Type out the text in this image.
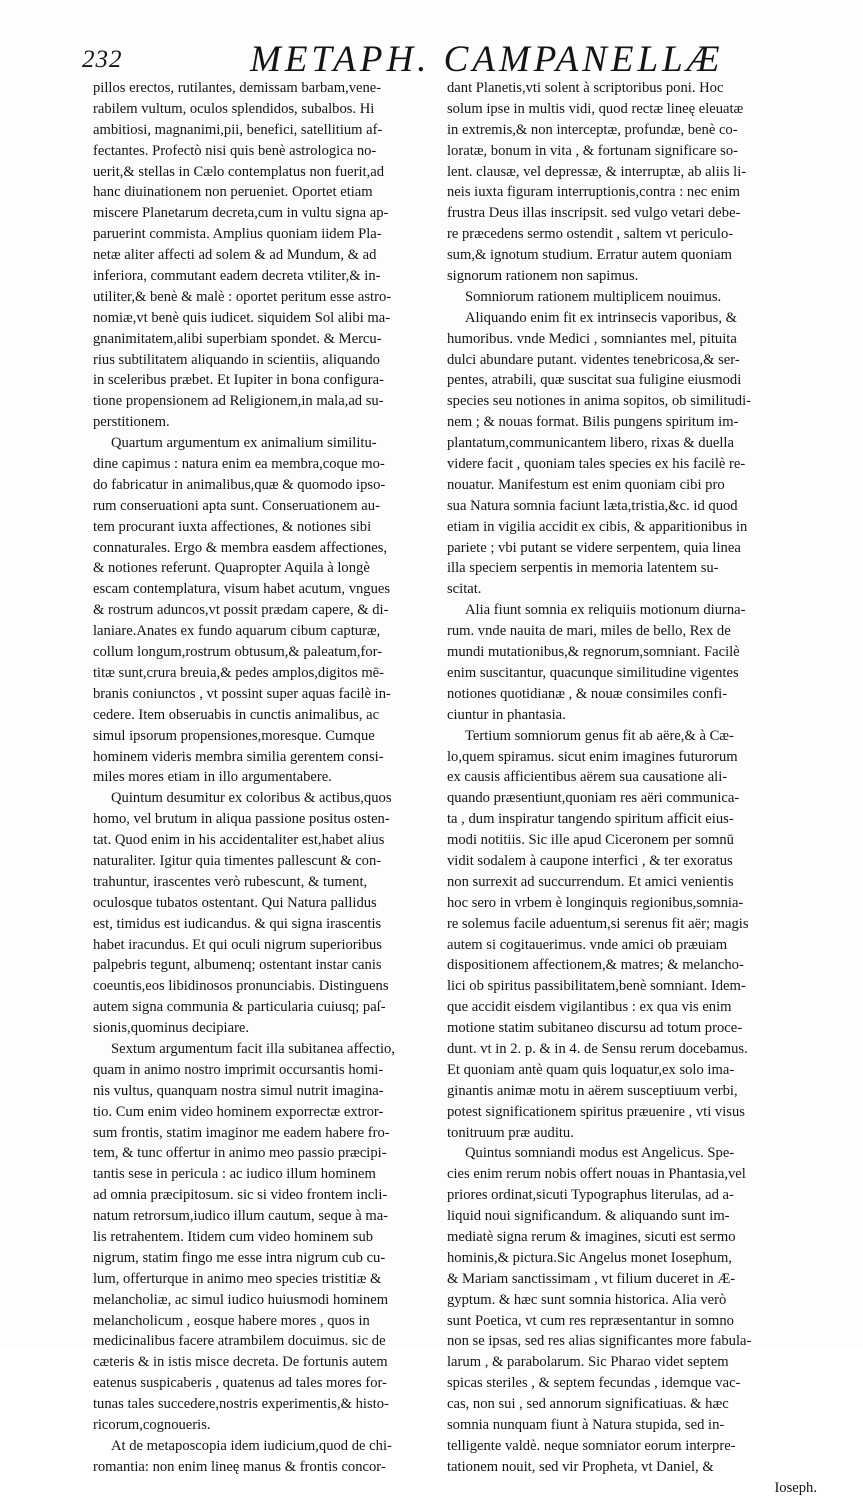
232	METAPH. CAMPANELLÆ
pillos erectos, rutilantes, demissam barbam,vene-
rabilem vultum, oculos splendidos, subalbos. Hi
ambitiosi, magnanimi,pii, benefici, satellitium af-
fectantes. Profectò nisi quis benè astrologica no-
uerit,& stellas in Cælo contemplatus non fuerit,ad
hanc diuinationem non perueniet. Oportet etiam
miscere Planetarum decreta,cum in vultu signa ap-
paruerint commista. Amplius quoniam iidem Pla-
netæ aliter affecti ad solem & ad Mundum, & ad
inferiora, commutant eadem decreta vtiliter,& in-
utiliter,& benè & malè : oportet peritum esse astro-
nomiæ,vt benè quis iudicet. siquidem Sol alibi ma-
gnanimitatem,alibi superbiam spondet. & Mercu-
rius subtilitatem aliquando in scientiis, aliquando
in sceleribus præbet. Et Iupiter in bona configura-
tione propensionem ad Religionem,in mala,ad su-
perstitionem.
Quartum argumentum ex animalium similitu-
dine capimus : natura enim ea membra,coque mo-
do fabricatur in animalibus,quæ & quomodo ipso-
rum conseruationi apta sunt. Conseruationem au-
tem procurant iuxta affectiones, & notiones sibi
connaturales. Ergo & membra easdem affectiones,
& notiones referunt. Quapropter Aquila à longè
escam contemplatura, visum habet acutum, vngues
& rostrum aduncos,vt possit prædam capere, & di-
laniare.Anates ex fundo aquarum cibum capturæ,
collum longum,rostrum obtusum,& paleatum,for-
titæ sunt,crura breuia,& pedes amplos,digitos mē-
branis coniunctos , vt possint super aquas facilè in-
cedere. Item obseruabis in cunctis animalibus, ac
simul ipsorum propensiones,moresque. Cumque
hominem videris membra similia gerentem consi-
miles mores etiam in illo argumentabere.
Quintum desumitur ex coloribus & actibus,quos
homo, vel brutum in aliqua passione positus osten-
tat. Quod enim in his accidentaliter est,habet alius
naturaliter. Igitur quia timentes pallescunt & con-
trahuntur, irascentes verò rubescunt, & tument,
oculosque tubatos ostentant. Qui Natura pallidus
est, timidus est iudicandus. & qui signa irascentis
habet iracundus. Et qui oculi nigrum superioribus
palpebris tegunt, albumenq; ostentant instar canis
coeuntis,eos libidinosos pronunciabis. Distinguens
autem signa communia & particularia cuiusq; paſ-
sionis,quominus decipiare.
Sextum argumentum facit illa subitanea affectio,
quam in animo nostro imprimit occursantis homi-
nis vultus, quanquam nostra simul nutrit imagina-
tio. Cum enim video hominem exporrectæ extror-
sum frontis, statim imaginor me eadem habere fro-
tem, & tunc offertur in animo meo passio præcipi-
tantis sese in pericula : ac iudico illum hominem
ad omnia præcipitosum. sic si video frontem incli-
natum retrorsum,iudico illum cautum, seque à ma-
lis retrahentem. Itidem cum video hominem sub
nigrum, statim fingo me esse intra nigrum cub cu-
lum, offerturque in animo meo species tristitiæ &
melancholiæ, ac simul iudico huiusmodi hominem
melancholicum , eosque habere mores , quos in
medicinalibus facere atrambilem docuimus. sic de
cæteris & in istis misce decreta. De fortunis autem
eatenus suspicaberis , quatenus ad tales mores for-
tunas tales succedere,nostris experimentis,& histo-
ricorum,cognoueris.
At de metaposcopia idem iudicium,quod de chi-
romantia: non enim lineę manus & frontis concor-
dant Planetis,vti solent à scriptoribus poni. Hoc
solum ipse in multis vidi, quod rectæ lineę eleuatæ
in extremis,& non interceptæ, profundæ, benè co-
loratæ, bonum in vita , & fortunam significare so-
lent. clausæ, vel depressæ, & interruptæ, ab aliis li-
neis iuxta figuram interruptionis,contra : nec enim
frustra Deus illas inscripsit. sed vulgo vetari debe-
re præcedens sermo ostendit , saltem vt periculo-
sum,& ignotum studium. Erratur autem quoniam
signorum rationem non sapimus.
Somniorum rationem multiplicem nouimus.
Aliquando enim fit ex intrinsecis vaporibus, &
humoribus. vnde Medici , somniantes mel, pituita
dulci abundare putant. videntes tenebricosa,& ser-
pentes, atrabili, quæ suscitat sua fuligine eiusmodi
species seu notiones in anima sopitos, ob similitudi-
nem ; & nouas format. Bilis pungens spiritum im-
plantatum,communicantem libero, rixas & duella
videre facit , quoniam tales species ex his facilè re-
nouatur. Manifestum est enim quoniam cibi pro
sua Natura somnia faciunt læta,tristia,&c. id quod
etiam in vigilia accidit ex cibis, & apparitionibus in
pariete ; vbi putant se videre serpentem, quia linea
illa speciem serpentis in memoria latentem su-
scitat.
Alia fiunt somnia ex reliquiis motionum diurna-
rum. vnde nauita de mari, miles de bello, Rex de
mundi mutationibus,& regnorum,somniant. Facilè
enim suscitantur, quacunque similitudine vigentes
notiones quotidianæ , & nouæ consimiles confi-
ciuntur in phantasia.
Tertium somniorum genus fit ab aëre,& à Cæ-
lo,quem spiramus. sicut enim imagines futurorum
ex causis afficientibus aërem sua causatione ali-
quando præsentiunt,quoniam res aëri communica-
ta , dum inspiratur tangendo spiritum afficit eius-
modi notitiis. Sic ille apud Ciceronem per somnū
vidit sodalem à caupone interfici , & ter exoratus
non surrexit ad succurrendum. Et amici venientis
hoc sero in vrbem è longinquis regionibus,somnia-
re solemus facile aduentum,si serenus fit aër; magis
autem si cogitauerimus. vnde amici ob præuiam
dispositionem affectionem,& matres; & melancho-
lici ob spiritus passibilitatem,benè somniant. Idem-
que accidit eisdem vigilantibus : ex qua vis enim
motione statim subitaneo discursu ad totum proce-
dunt. vt in 2. p. & in 4. de Sensu rerum docebamus.
Et quoniam antè quam quis loquatur,ex solo ima-
ginantis animæ motu in aërem susceptiuum verbi,
potest significationem spiritus præuenire , vti visus
tonitruum præ auditu.
Quintus somniandi modus est Angelicus. Spe-
cies enim rerum nobis offert nouas in Phantasia,vel
priores ordinat,sicuti Typographus literulas, ad a-
liquid noui significandum. & aliquando sunt im-
mediatè signa rerum & imagines, sicuti est sermo
hominis,& pictura.Sic Angelus monet Iosephum,
& Mariam sanctissimam , vt filium duceret in Æ-
gyptum. & hæc sunt somnia historica. Alia verò
sunt Poetica, vt cum res repræsentantur in somno
non se ipsas, sed res alias significantes more fabula-
larum , & parabolarum. Sic Pharao videt septem
spicas steriles , & septem fecundas , idemque vac-
cas, non sui , sed annorum significatiuas. & hæc
somnia nunquam fiunt à Natura stupida, sed in-
telligente valdè. neque somniator eorum interpre-
tationem nouit, sed vir Propheta, vt Daniel, &
Ioseph.
